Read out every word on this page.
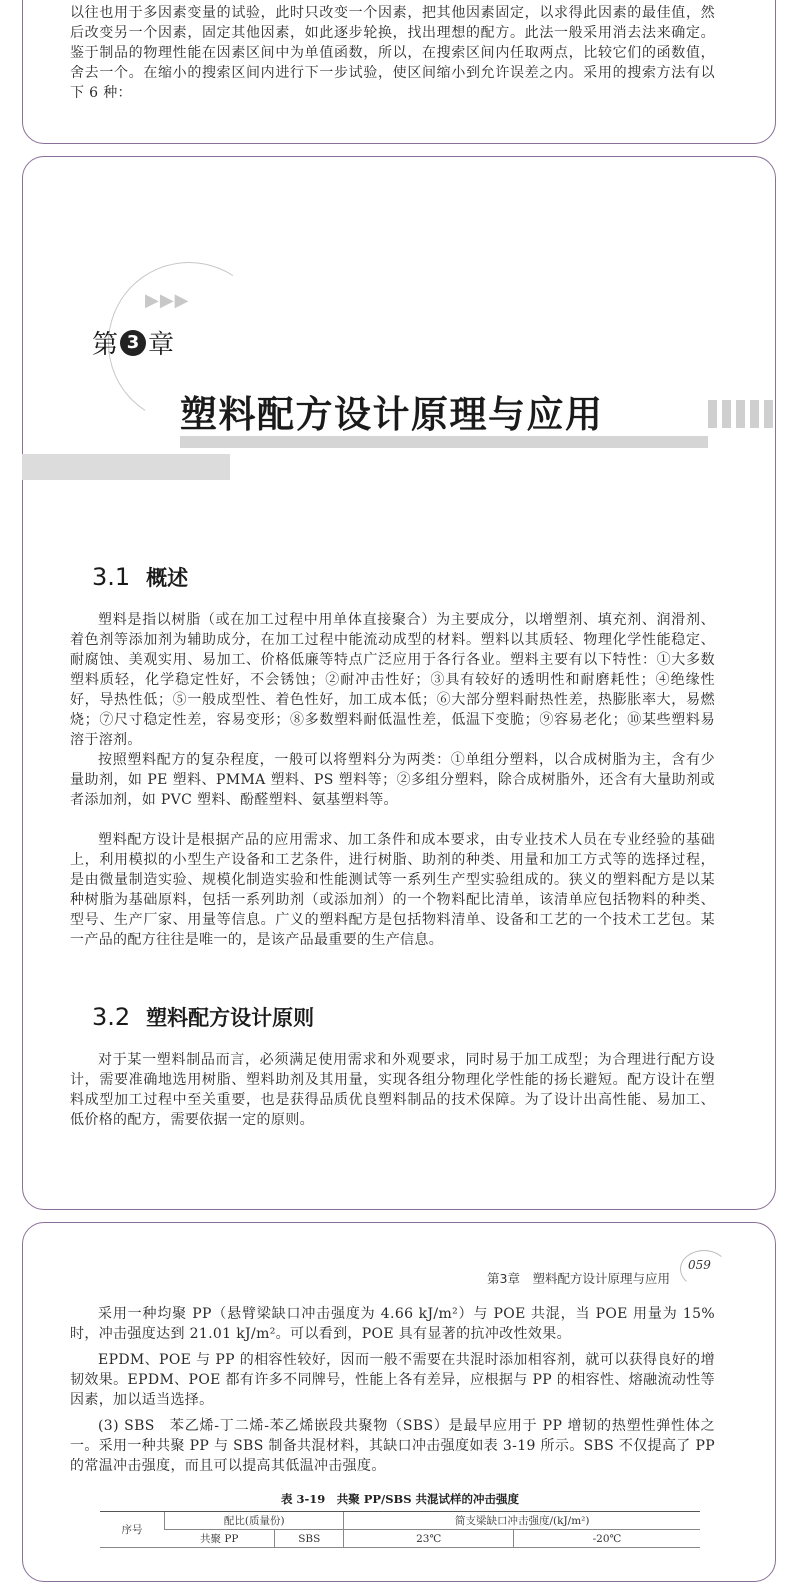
以往也用于多因素变量的试验，此时只改变一个因素，把其他因素固定，以求得此因素的最佳值，然后改变另一个因素，固定其他因素，如此逐步轮换，找出理想的配方。此法一般采用消去法来确定。鉴于制品的物理性能在因素区间中为单值函数，所以，在搜索区间内任取两点，比较它们的函数值，舍去一个。在缩小的搜索区间内进行下一步试验，使区间缩小到允许误差之内。采用的搜索方法有以下 6 种：

▶▶▶
第 3 章
塑料配方设计原理与应用
3.1 概述

塑料是指以树脂（或在加工过程中用单体直接聚合）为主要成分，以增塑剂、填充剂、润滑剂、着色剂等添加剂为辅助成分，在加工过程中能流动成型的材料。塑料以其质轻、物理化学性能稳定、耐腐蚀、美观实用、易加工、价格低廉等特点广泛应用于各行各业。塑料主要有以下特性：①大多数塑料质轻，化学稳定性好，不会锈蚀；②耐冲击性好；③具有较好的透明性和耐磨耗性；④绝缘性好，导热性低；⑤一般成型性、着色性好，加工成本低；⑥大部分塑料耐热性差，热膨胀率大，易燃烧；⑦尺寸稳定性差，容易变形；⑧多数塑料耐低温性差，低温下变脆；⑨容易老化；⑩某些塑料易溶于溶剂。

按照塑料配方的复杂程度，一般可以将塑料分为两类：①单组分塑料，以合成树脂为主，含有少量助剂，如 PE 塑料、PMMA 塑料、PS 塑料等；②多组分塑料，除合成树脂外，还含有大量助剂或者添加剂，如 PVC 塑料、酚醛塑料、氨基塑料等。

塑料配方设计是根据产品的应用需求、加工条件和成本要求，由专业技术人员在专业经验的基础上，利用模拟的小型生产设备和工艺条件，进行树脂、助剂的种类、用量和加工方式等的选择过程，是由微量制造实验、规模化制造实验和性能测试等一系列生产型实验组成的。狭义的塑料配方是以某种树脂为基础原料，包括一系列助剂（或添加剂）的一个物料配比清单，该清单应包括物料的种类、型号、生产厂家、用量等信息。广义的塑料配方是包括物料清单、设备和工艺的一个技术工艺包。某一产品的配方往往是唯一的，是该产品最重要的生产信息。

3.2 塑料配方设计原则

对于某一塑料制品而言，必须满足使用需求和外观要求，同时易于加工成型；为合理进行配方设计，需要准确地选用树脂、塑料助剂及其用量，实现各组分物理化学性能的扬长避短。配方设计在塑料成型加工过程中至关重要，也是获得品质优良塑料制品的技术保障。为了设计出高性能、易加工、低价格的配方，需要依据一定的原则。

第3章　塑料配方设计原理与应用
059

采用一种均聚 PP（悬臂梁缺口冲击强度为 4.66 kJ/m²）与 POE 共混，当 POE 用量为 15%时，冲击强度达到 21.01 kJ/m²。可以看到，POE 具有显著的抗冲改性效果。

EPDM、POE 与 PP 的相容性较好，因而一般不需要在共混时添加相容剂，就可以获得良好的增韧效果。EPDM、POE 都有许多不同牌号，性能上各有差异，应根据与 PP 的相容性、熔融流动性等因素，加以适当选择。

(3) SBS　苯乙烯-丁二烯-苯乙烯嵌段共聚物（SBS）是最早应用于 PP 增韧的热塑性弹性体之一。采用一种共聚 PP 与 SBS 制备共混材料，其缺口冲击强度如表 3-19 所示。SBS 不仅提高了 PP 的常温冲击强度，而且可以提高其低温冲击强度。

表 3-19　共聚 PP/SBS 共混试样的冲击强度
序号	配比(质量份)		简支梁缺口冲击强度/(kJ/m²)	
	共聚 PP	SBS	23℃	-20℃
